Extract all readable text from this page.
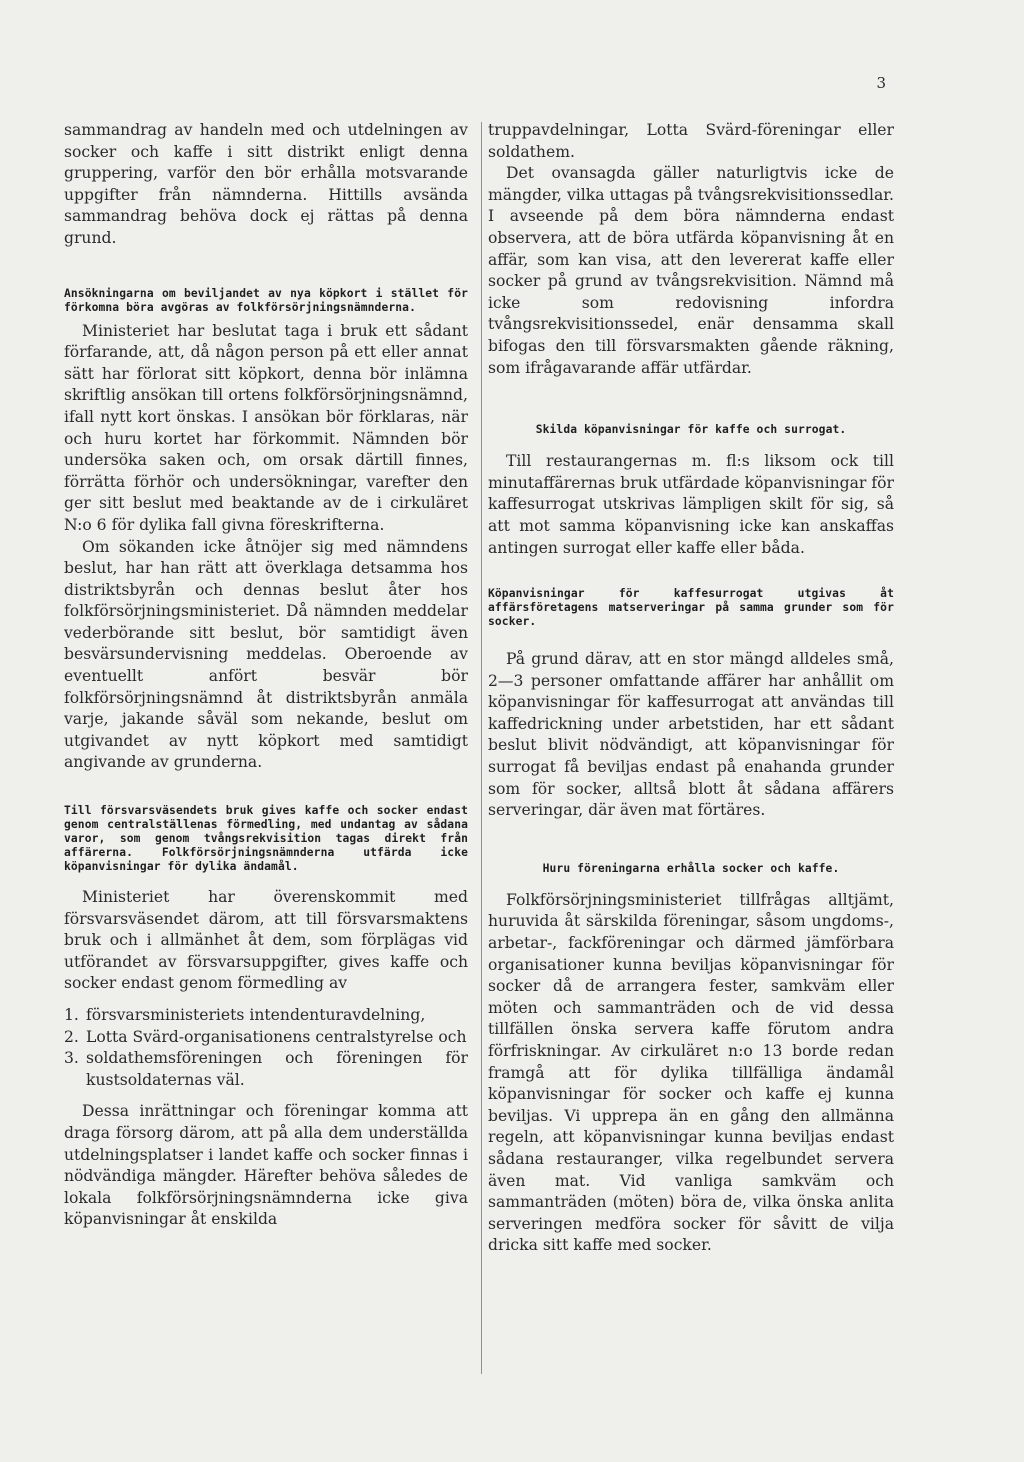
3

sammandrag av handeln med och utdelningen av socker och kaffe i sitt distrikt enligt denna gruppering, varför den bör erhålla motsvarande uppgifter från nämnderna. Hittills avsända sammandrag behöva dock ej rättas på denna grund.

Ansökningarna om beviljandet av nya köpkort i stället för förkomna böra avgöras av folkförsörjningsnämnderna.

Ministeriet har beslutat taga i bruk ett sådant förfarande, att, då någon person på ett eller annat sätt har förlorat sitt köpkort, denna bör inlämna skriftlig ansökan till ortens folkförsörjningsnämnd, ifall nytt kort önskas. I ansökan bör förklaras, när och huru kortet har förkommit. Nämnden bör undersöka saken och, om orsak därtill finnes, förrätta förhör och undersökningar, varefter den ger sitt beslut med beaktande av de i cirkuläret N:o 6 för dylika fall givna föreskrifterna.

Om sökanden icke åtnöjer sig med nämndens beslut, har han rätt att överklaga detsamma hos distriktsbyrån och dennas beslut åter hos folkförsörjningsministeriet. Då nämnden meddelar vederbörande sitt beslut, bör samtidigt även besvärsundervisning meddelas. Oberoende av eventuellt anfört besvär bör folkförsörjningsnämnd åt distriktsbyrån anmäla varje, jakande såväl som nekande, beslut om utgivandet av nytt köpkort med samtidigt angivande av grunderna.

Till försvarsväsendets bruk gives kaffe och socker endast genom centralställenas förmedling, med undantag av sådana varor, som genom tvångsrekvisition tagas direkt från affärerna. Folkförsörjningsnämnderna utfärda icke köpanvisningar för dylika ändamål.

Ministeriet har överenskommit med försvarsväsendet därom, att till försvarsmaktens bruk och i allmänhet åt dem, som förplägas vid utförandet av försvarsuppgifter, gives kaffe och socker endast genom förmedling av

1. försvarsministeriets intendenturavdelning,
2. Lotta Svärd-organisationens centralstyrelse och
3. soldathemsföreningen och föreningen för kustsoldaternas väl.

Dessa inrättningar och föreningar komma att draga försorg därom, att på alla dem underställda utdelningsplatser i landet kaffe och socker finnas i nödvändiga mängder. Härefter behöva således de lokala folkförsörjningsnämnderna icke giva köpanvisningar åt enskilda

truppavdelningar, Lotta Svärd-föreningar eller soldathem.

Det ovansagda gäller naturligtvis icke de mängder, vilka uttagas på tvångsrekvisitionssedlar. I avseende på dem böra nämnderna endast observera, att de böra utfärda köpanvisning åt en affär, som kan visa, att den levererat kaffe eller socker på grund av tvångsrekvisition. Nämnd må icke som redovisning infordra tvångsrekvisitionssedel, enär densamma skall bifogas den till försvarsmakten gående räkning, som ifrågavarande affär utfärdar.

Skilda köpanvisningar för kaffe och surrogat.

Till restaurangernas m. fl:s liksom ock till minutaffärernas bruk utfärdade köpanvisningar för kaffesurrogat utskrivas lämpligen skilt för sig, så att mot samma köpanvisning icke kan anskaffas antingen surrogat eller kaffe eller båda.

Köpanvisningar för kaffesurrogat utgivas åt affärsföretagens matserveringar på samma grunder som för socker.

På grund därav, att en stor mängd alldeles små, 2—3 personer omfattande affärer har anhållit om köpanvisningar för kaffesurrogat att användas till kaffedrickning under arbetstiden, har ett sådant beslut blivit nödvändigt, att köpanvisningar för surrogat få beviljas endast på enahanda grunder som för socker, alltså blott åt sådana affärers serveringar, där även mat förtäres.

Huru föreningarna erhålla socker och kaffe.

Folkförsörjningsministeriet tillfrågas alltjämt, huruvida åt särskilda föreningar, såsom ungdoms-, arbetar-, fackföreningar och därmed jämförbara organisationer kunna beviljas köpanvisningar för socker då de arrangera fester, samkväm eller möten och sammanträden och de vid dessa tillfällen önska servera kaffe förutom andra förfriskningar. Av cirkuläret n:o 13 borde redan framgå att för dylika tillfälliga ändamål köpanvisningar för socker och kaffe ej kunna beviljas. Vi upprepa än en gång den allmänna regeln, att köpanvisningar kunna beviljas endast sådana restauranger, vilka regelbundet servera även mat. Vid vanliga samkväm och sammanträden (möten) böra de, vilka önska anlita serveringen medföra socker för såvitt de vilja dricka sitt kaffe med socker.
